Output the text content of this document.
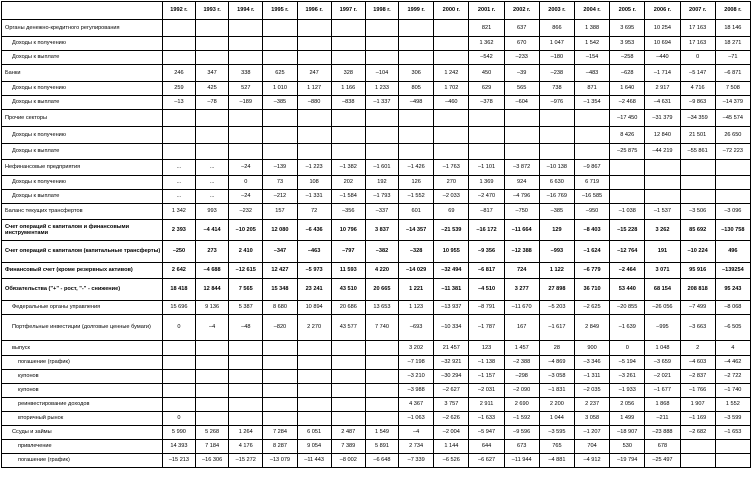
	1992 г.	1993 г.	1994 г.	1995 г.	1996 г.	1997 г.	1998 г.	1999 г.	2000 г.	2001 г.	2002 г.	2003 г.	2004 г.	2005 г.	2006 г.	2007 г.	2008 г.
Органы денежно-кредитного регулирования										821	637	866	1 388	3 695	10 254	17 163	18 146
Доходы к получению										1 362	670	1 047	1 542	3 953	10 694	17 163	18 271
Доходы к выплате										–542	–233	–180	–154	–258	–440	0	–71
Банки	246	347	338	625	247	328	–104	306	1 242	450	–39	–238	–483	–628	–1 714	–5 147	–6 871
Доходы к получению	259	425	527	1 010	1 127	1 166	1 233	805	1 702	629	565	738	871	1 640	2 917	4 716	7 508
Доходы к выплате	–13	–78	–189	–385	–880	–838	–1 337	–498	–460	–378	–604	–976	–1 354	–2 468	–4 631	–9 863	–14 379
Прочие секторы														–17 450	–31 379	–34 359	–45 574
Доходы к получению														8 426	12 840	21 501	26 650
Доходы к выплате														–25 875	–44 219	–55 861	–72 223
Нефинансовые предприятия	...	...	–24	–139	–1 223	–1 382	–1 601	–1 426	–1 763	–1 101	–3 872	–10 138	–9 867				
Доходы к получению	...	...	0	73	108	202	192	126	270	1 369	924	6 630	6 719				
Доходы к выплате	...	...	–24	–212	–1 331	–1 584	–1 793	–1 552	–2 033	–2 470	–4 796	–16 769	–16 585				
Баланс текущих трансфертов	1 342	993	–232	157	72	–356	–337	601	69	–817	–750	–385	–950	–1 038	–1 537	–3 506	–3 096
Счет операций с капиталом и финансовыми инструментами	2 393	–4 414	–10 205	12 080	–6 436	10 796	3 837	–14 357	–21 539	–16 172	–11 664	129	–8 403	–15 228	3 262	85 692	–130 758
Счет операций с капиталом (капитальные трансферты)	–250	273	2 410	–347	–463	–797	–382	–328	10 955	–9 356	–12 388	–993	–1 624	–12 764	191	–10 224	496
Финансовый счет (кроме резервных активов)	2 642	–4 688	–12 615	12 427	–5 973	11 593	4 220	–14 029	–32 494	–6 817	724	1 122	–6 779	–2 464	3 071	95 916	–139254
Обязательства ("+" - рост, "-" - снижение)	18 418	12 844	7 565	15 348	23 241	43 510	20 665	1 221	–11 381	–4 510	3 277	27 898	36 710	53 440	68 154	208 818	95 243
Федеральные органы управления	15 696	9 136	5 387	8 680	10 894	20 686	13 653	1 123	–13 937	–8 791	–11 670	–5 203	–2 625	–20 855	–26 056	–7 499	–8 068
Портфельные инвестиции (долговые ценные бумаги)	0	–4	–48	–820	2 270	43 577	7 740	–693	–10 334	–1 787	167	–1 617	2 849	–1 639	–995	–3 663	–6 505
выпуск								3 202	21 457	123	1 457	28	900	0	1 048	2	4
погашение (график)								–7 198	–32 921	–1 138	–2 388	–4 869	–3 346	–5 194	–3 659	–4 603	–4 462
купонов								–3 210	–30 294	–1 157	–298	–3 058	–1 311	–3 261	–2 021	–2 837	–2 722
купонов								–3 988	–2 627	–2 031	–2 090	–1 831	–2 035	–1 933	–1 677	–1 766	–1 740
реинвестирование доходов								4 367	3 757	2 911	2 690	2 200	2 237	2 056	1 868	1 907	1 552
вторичный рынок	0							–1 063	–2 626	–1 633	–1 592	1 044	3 058	1 499	–211	–1 169	–3 599
Ссуды и займы	5 990	5 268	1 264	7 284	6 051	2 487	1 549	–4	–2 004	–5 947	–9 596	–3 595	–1 207	–18 907	–23 888	–2 682	–1 653
привлечение	14 393	7 184	4 176	8 287	9 054	7 389	5 891	2 734	1 144	644	673	765	704	530	678		
погашение (график)	–15 213	–16 306	–15 272	–13 079	–11 443	–8 002	–6 648	–7 339	–6 526	–6 627	–11 944	–4 881	–4 912	–19 794	–25 497		
